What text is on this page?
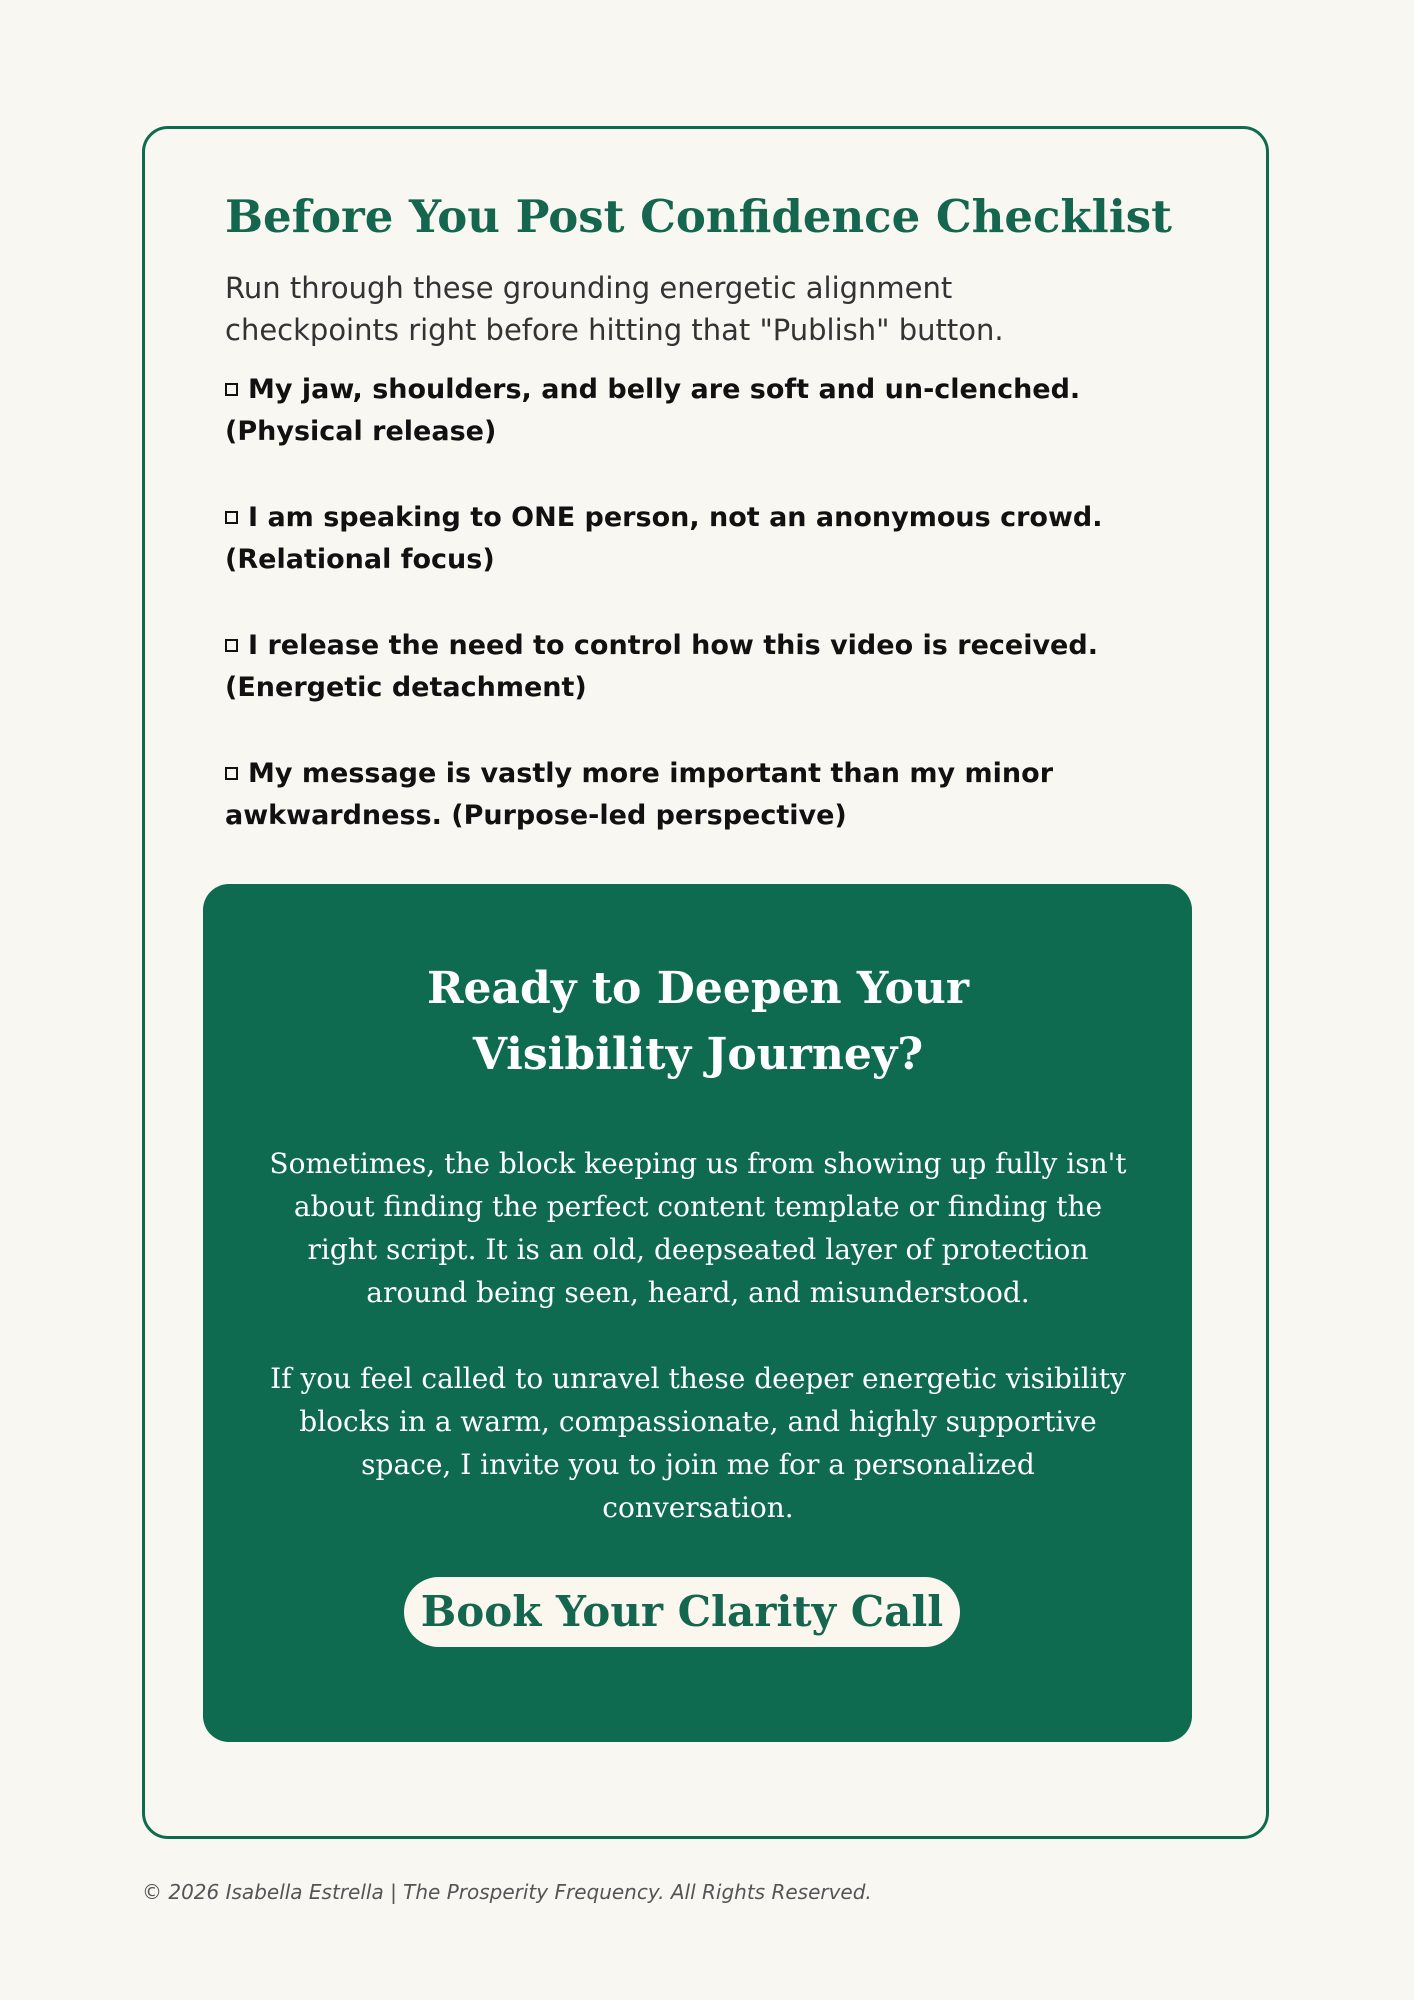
Before You Post Confidence Checklist

Run through these grounding energetic alignment checkpoints right before hitting that "Publish" button.

My jaw, shoulders, and belly are soft and un-clenched. (Physical release)
I am speaking to ONE person, not an anonymous crowd. (Relational focus)
I release the need to control how this video is received. (Energetic detachment)
My message is vastly more important than my minor awkwardness. (Purpose-led perspective)
Ready to Deepen Your Visibility Journey?

Sometimes, the block keeping us from showing up fully isn't about finding the perfect content template or finding the right script. It is an old, deepseated layer of protection around being seen, heard, and misunderstood.

If you feel called to unravel these deeper energetic visibility blocks in a warm, compassionate, and highly supportive space, I invite you to join me for a personalized conversation.

Book Your Clarity Call

© 2026 Isabella Estrella | The Prosperity Frequency. All Rights Reserved.
